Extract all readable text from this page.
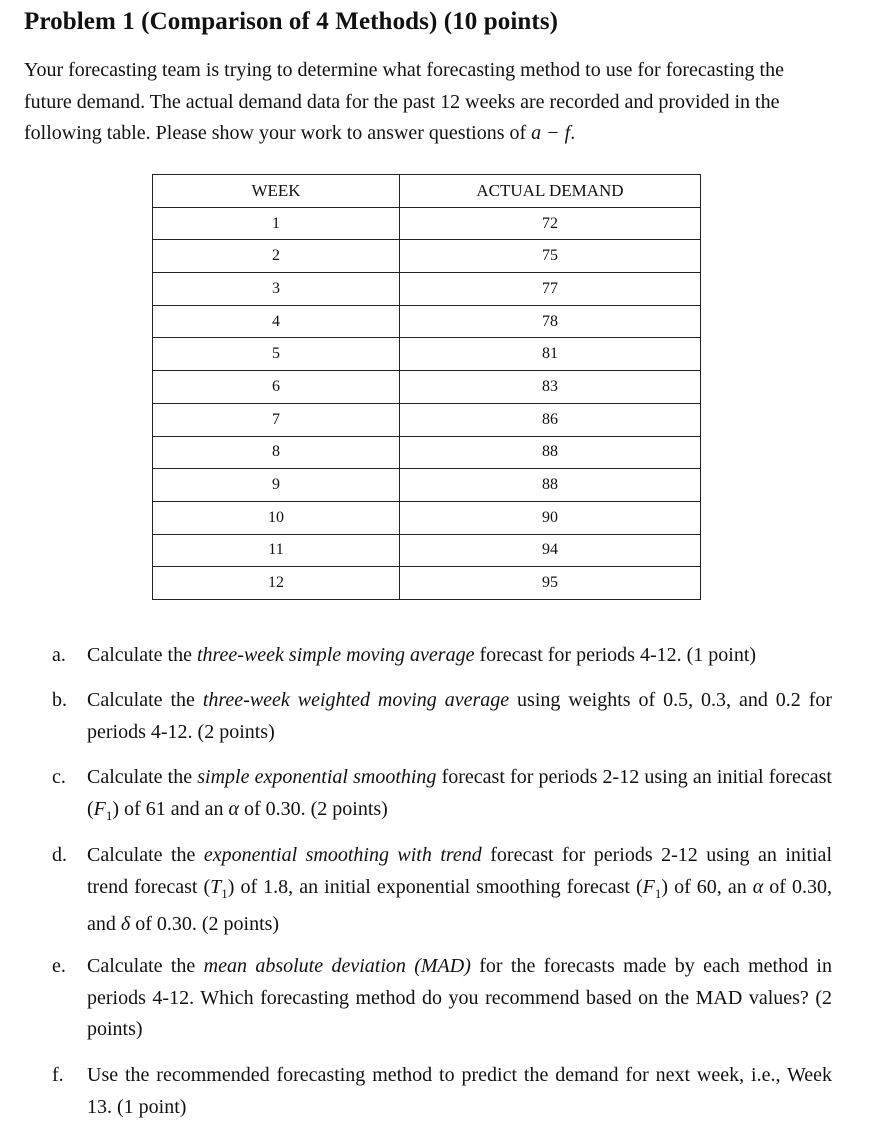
Problem 1 (Comparison of 4 Methods) (10 points)

Your forecasting team is trying to determine what forecasting method to use for forecasting the future demand. The actual demand data for the past 12 weeks are recorded and provided in the following table. Please show your work to answer questions of a − f.

WEEK	ACTUAL DEMAND
1	72
2	75
3	77
4	78
5	81
6	83
7	86
8	88
9	88
10	90
11	94
12	95
a.	Calculate the three-week simple moving average forecast for periods 4-12. (1 point)
b.	Calculate the three-week weighted moving average using weights of 0.5, 0.3, and 0.2 for periods 4-12. (2 points)
c.	Calculate the simple exponential smoothing forecast for periods 2-12 using an initial forecast $(F_1)$ of 61 and an α of 0.30. (2 points)
d.	Calculate the exponential smoothing with trend forecast for periods 2-12 using an initial trend forecast $(T_1)$ of 1.8, an initial exponential smoothing forecast $(F_1)$ of 60, an α of 0.30, and δ of 0.30. (2 points)
e.	Calculate the mean absolute deviation (MAD) for the forecasts made by each method in periods 4-12. Which forecasting method do you recommend based on the MAD values? (2 points)
f.	Use the recommended forecasting method to predict the demand for next week, i.e., Week 13. (1 point)
